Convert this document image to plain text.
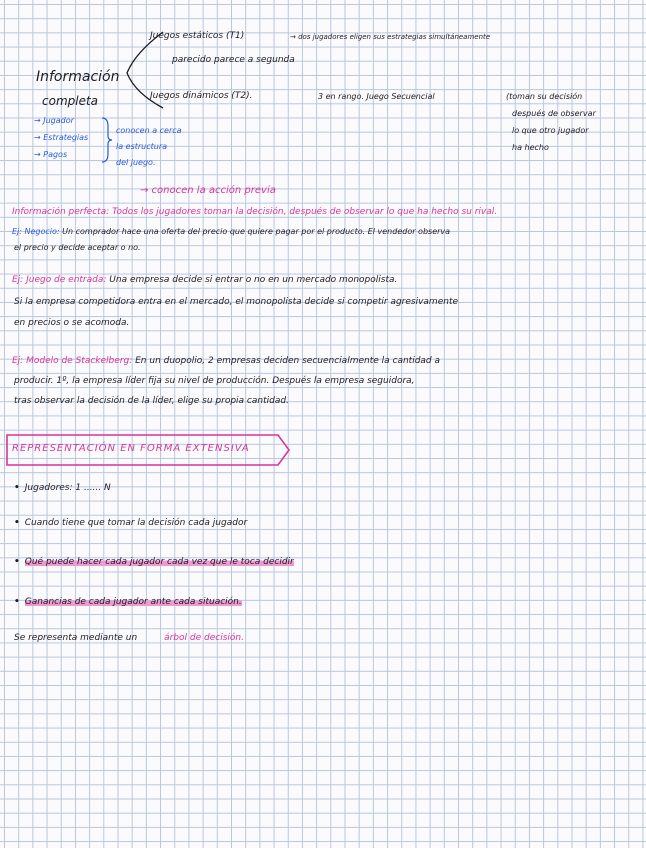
Información
completa
Juegos estáticos (T1)	→ dos jugadores eligen sus estrategias simultáneamente
parecido parece a segunda
Juegos dinámicos (T2).	3 en rango. Juego Secuencial	(toman su decisión
después de observar
lo que otro jugador
ha hecho
→ Jugador
→ Estrategias
→ Pagos
conocen a cerca
la estructura
del juego.
→ conocen la acción previa
Información perfecta: Todos los jugadores toman la decisión, después de observar lo que ha hecho su rival.
Ej: Negocio: Un comprador hace una oferta del precio que quiere pagar por el producto. El vendedor observa
el precio y decide aceptar o no.
Ej: Juego de entrada: Una empresa decide si entrar o no en un mercado monopolista.
Si la empresa competidora entra en el mercado, el monopolista decide si competir agresivamente
en precios o se acomoda.
Ej: Modelo de Stackelberg: En un duopolio, 2 empresas deciden secuencialmente la cantidad a
producir. 1º, la empresa líder fija su nivel de producción. Después la empresa seguidora,
tras observar la decisión de la líder, elige su propia cantidad.
REPRESENTACIÓN EN FORMA EXTENSIVA
• Jugadores: 1 ...... N
• Cuando tiene que tomar la decisión cada jugador
• Qué puede hacer cada jugador cada vez que le toca decidir
• Ganancias de cada jugador ante cada situación.
Se representa mediante un	árbol de decisión.
